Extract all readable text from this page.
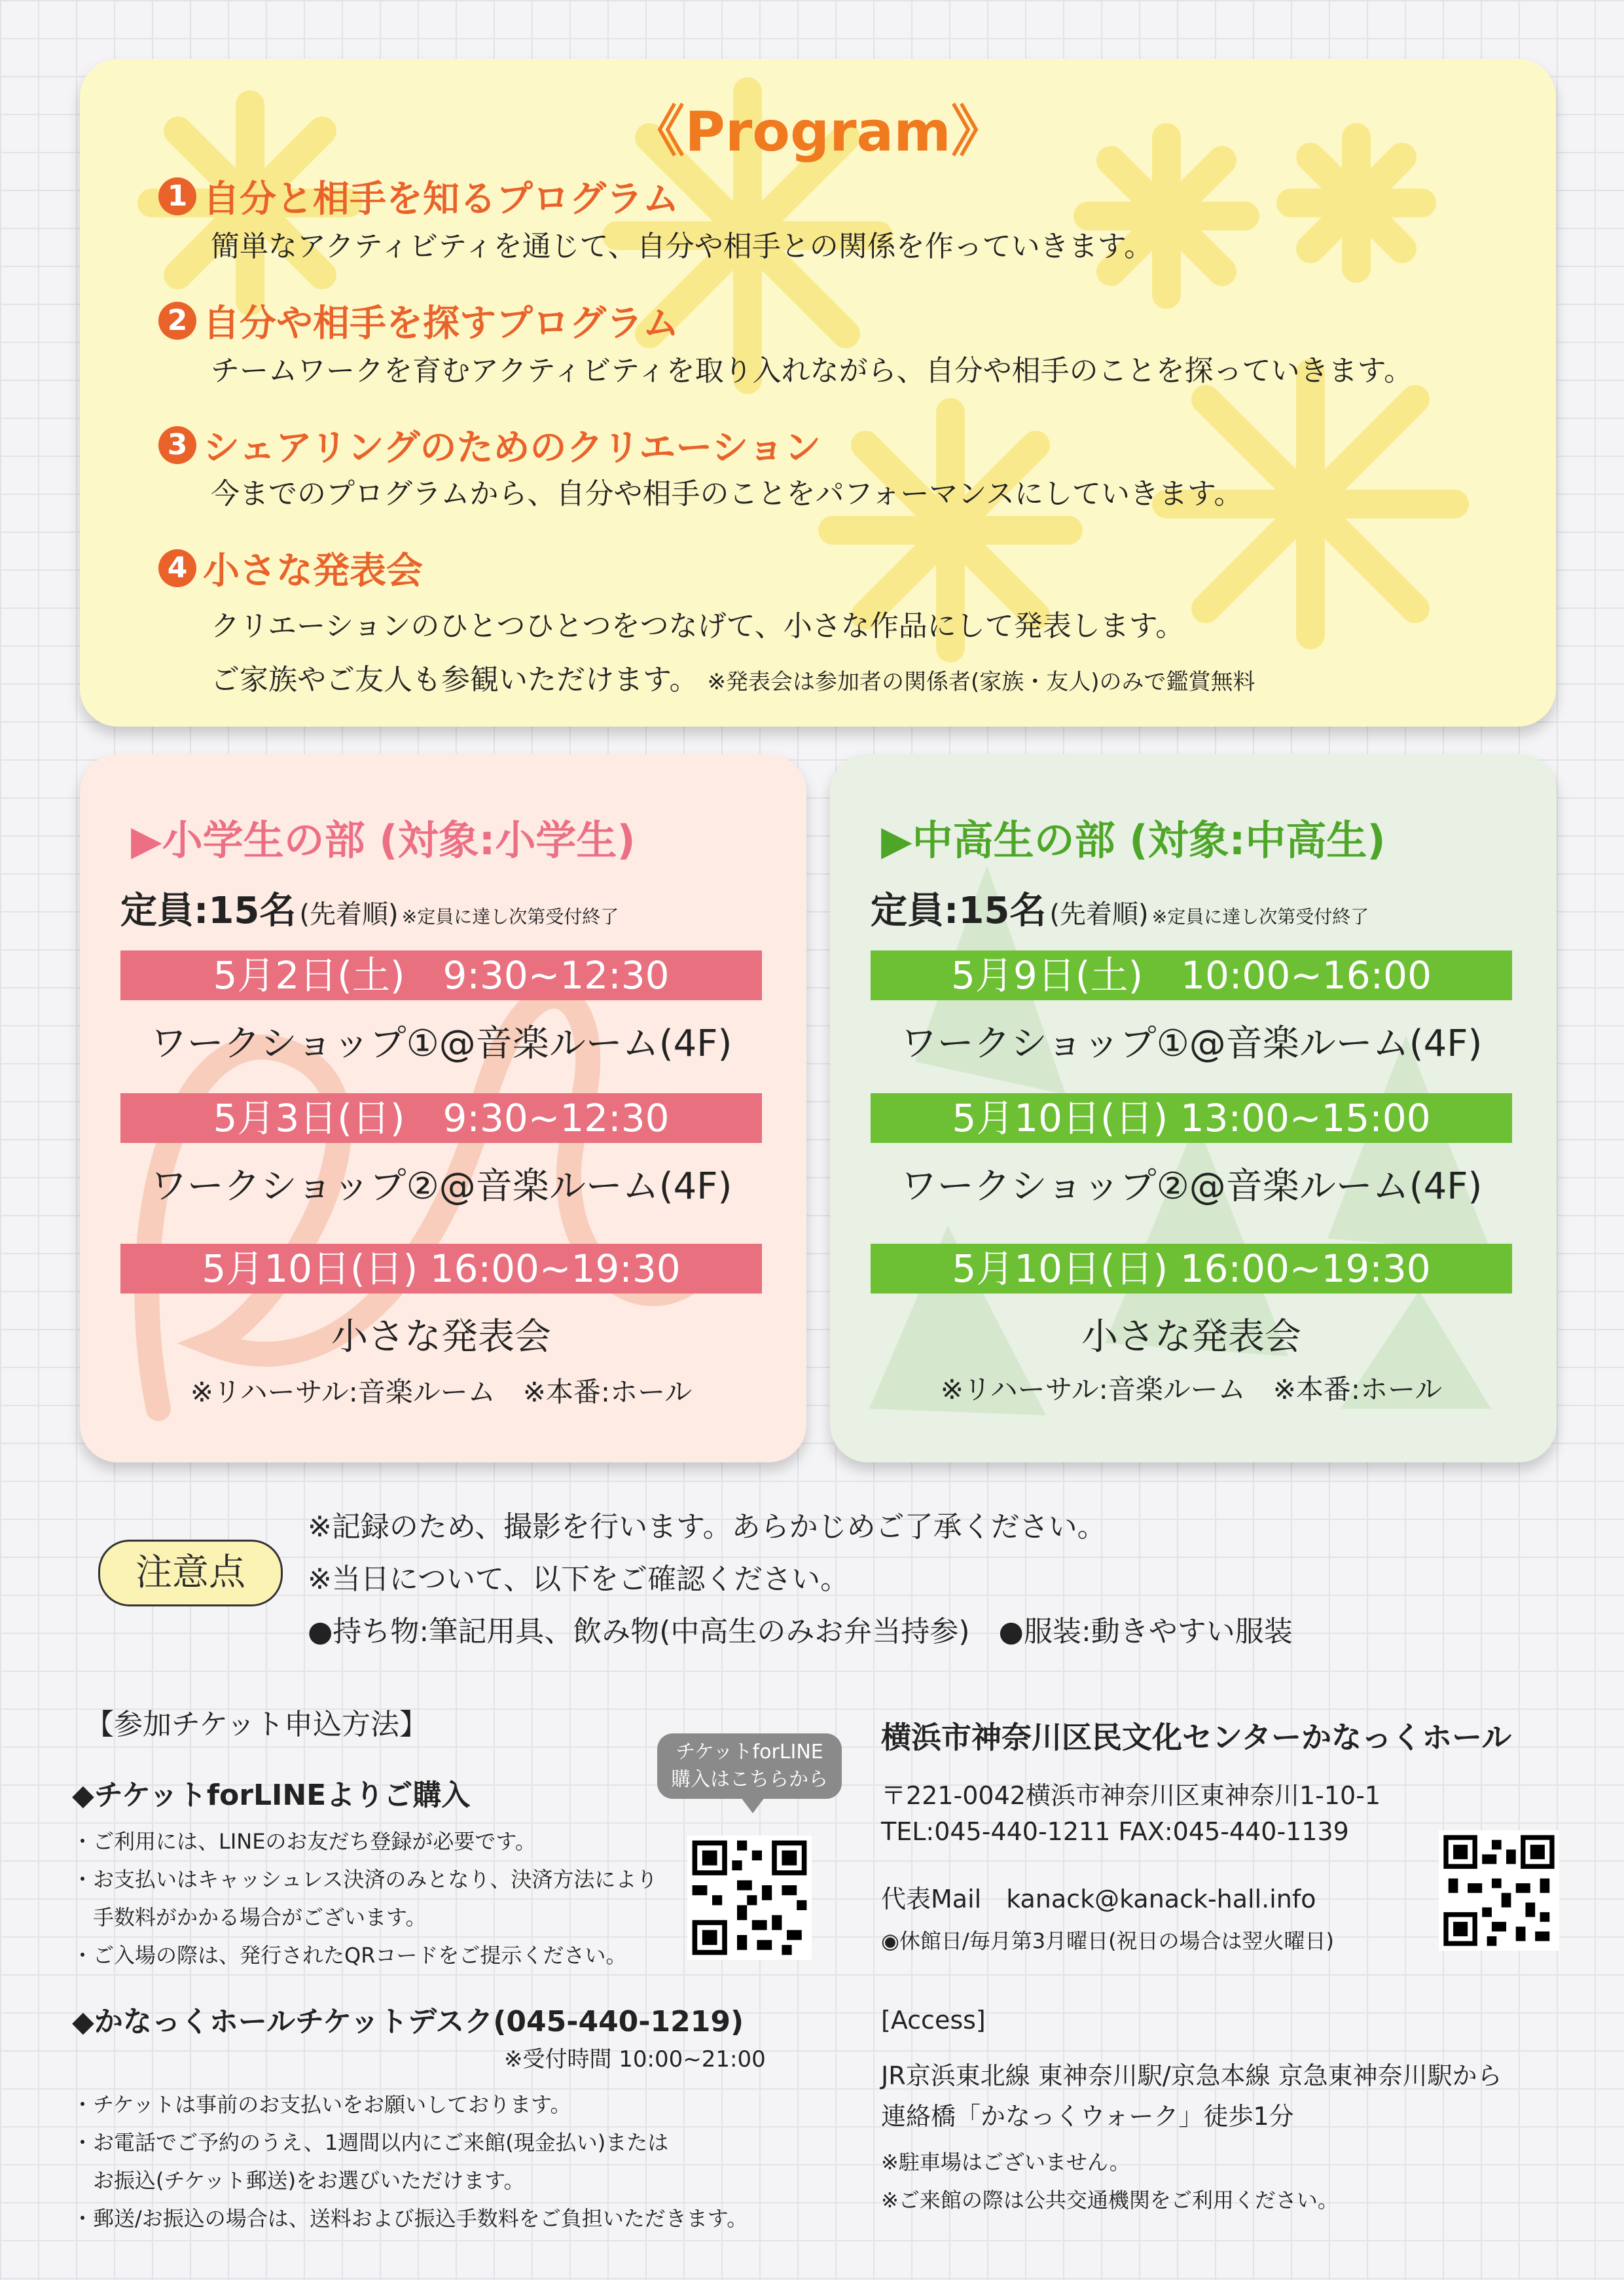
《Program》
1 自分と相手を知るプログラム
簡単なアクティビティを通じて、自分や相手との関係を作っていきます。
2 自分や相手を探すプログラム
チームワークを育むアクティビティを取り入れながら、自分や相手のことを探っていきます。
3 シェアリングのためのクリエーション
今までのプログラムから、自分や相手のことをパフォーマンスにしていきます。
4 小さな発表会
クリエーションのひとつひとつをつなげて、小さな作品にして発表します。
ご家族やご友人も参観いただけます。 ※発表会は参加者の関係者(家族・友人)のみで鑑賞無料
▶小学生の部 (対象:小学生)
定員:15名 (先着順) ※定員に達し次第受付終了
5月2日(土)　9:30~12:30
ワークショップ①@音楽ルーム(4F)
5月3日(日)　9:30~12:30
ワークショップ②@音楽ルーム(4F)
5月10日(日) 16:00~19:30
小さな発表会
※リハーサル:音楽ルーム　※本番:ホール
▶中高生の部 (対象:中高生)
定員:15名 (先着順) ※定員に達し次第受付終了
5月9日(土)　10:00~16:00
ワークショップ①@音楽ルーム(4F)
5月10日(日) 13:00~15:00
ワークショップ②@音楽ルーム(4F)
5月10日(日) 16:00~19:30
小さな発表会
※リハーサル:音楽ルーム　※本番:ホール
注意点
※記録のため、撮影を行います。あらかじめご了承ください。
※当日について、以下をご確認ください。
●持ち物:筆記用具、飲み物(中高生のみお弁当持参)　●服装:動きやすい服装
【参加チケット申込方法】
◆チケットforLINEよりご購入
・ご利用には、LINEのお友だち登録が必要です。
・お支払いはキャッシュレス決済のみとなり、決済方法により
　手数料がかかる場合がございます。
・ご入場の際は、発行されたQRコードをご提示ください。
チケットforLINE
購入はこちらから
◆かなっくホールチケットデスク(045-440-1219)
※受付時間 10:00~21:00
・チケットは事前のお支払いをお願いしております。
・お電話でご予約のうえ、1週間以内にご来館(現金払い)または
　お振込(チケット郵送)をお選びいただけます。
・郵送/お振込の場合は、送料および振込手数料をご負担いただきます。
横浜市神奈川区民文化センターかなっくホール
〒221-0042横浜市神奈川区東神奈川1-10-1
TEL:045-440-1211 FAX:045-440-1139
代表Mail　kanack@kanack-hall.info
◉休館日/毎月第3月曜日(祝日の場合は翌火曜日)
[Access]
JR京浜東北線 東神奈川駅/京急本線 京急東神奈川駅から
連絡橋「かなっくウォーク」徒歩1分
※駐車場はございません。
※ご来館の際は公共交通機関をご利用ください。
